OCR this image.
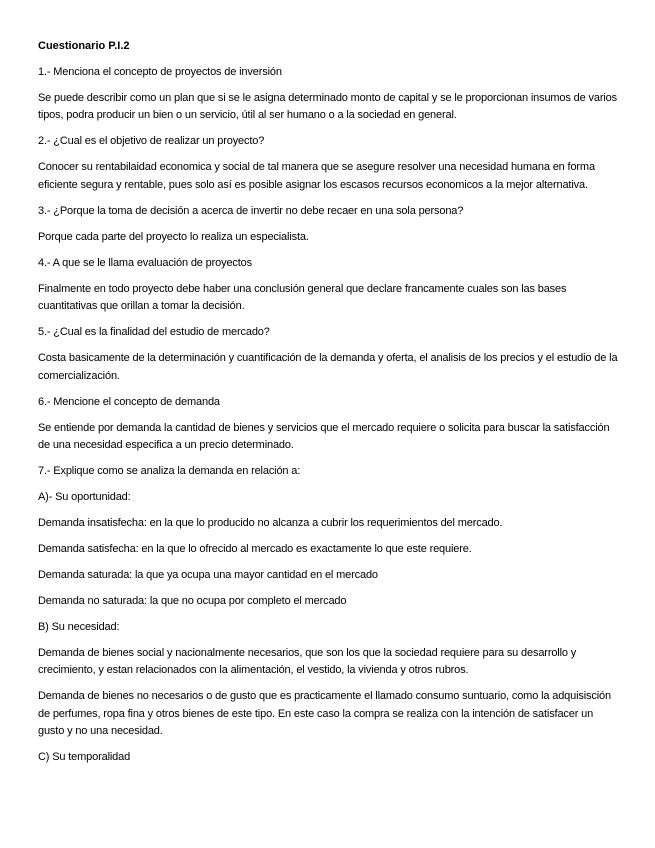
Cuestionario P.I.2
1.- Menciona el concepto de proyectos de inversión
Se puede describir como un plan que si se le asigna determinado monto de capital y se le proporcionan insumos de varios tipos, podra producir un bien o un servicio, útil al ser humano o a la sociedad en general.
2.- ¿Cual es el objetivo de realizar un proyecto?
Conocer su rentabilaidad economica y social de tal manera que se asegure resolver una necesidad humana en forma eficiente segura y rentable, pues solo así es posible asignar los escasos recursos economicos a la mejor alternativa.
3.- ¿Porque la toma de decisión a acerca de invertir no debe recaer en una sola persona?
Porque cada parte del proyecto lo realiza un especialista.
4.- A que se le llama evaluación de proyectos
Finalmente en todo proyecto debe haber una conclusión general que declare francamente cuales son las bases cuantitativas que orillan a tomar la decisión.
5.- ¿Cual es la finalidad del estudio de mercado?
Costa basicamente de la determinación y cuantificación de la demanda y oferta, el analisis de los precios y el estudio de la comercialización.
6.- Mencione el concepto de demanda
Se entiende por demanda la cantidad de bienes y servicios que el mercado requiere o solicita para buscar la satisfacción de una necesidad especifica a un precio determinado.
7.- Explique como se analiza la demanda en relación a:
A)- Su oportunidad:
Demanda insatisfecha: en la que lo producido no alcanza a cubrir los requerimientos del mercado.
Demanda satisfecha: en la que lo ofrecido al mercado es exactamente lo que este requiere.
Demanda saturada: la que ya ocupa una mayor cantidad en el mercado
Demanda no saturada: la que no ocupa por completo el mercado
B) Su necesidad:
Demanda de bienes social y nacionalmente necesarios, que son los que la sociedad requiere para su desarrollo y crecimiento, y estan relacionados con la alimentación, el vestido, la vivienda y otros rubros.
Demanda de bienes no necesarios o de gusto que es practicamente el llamado consumo suntuario, como la adquisisción de perfumes, ropa fina y otros bienes de este tipo. En este caso la compra se realiza con la intención de satisfacer un gusto y no una necesidad.
C) Su temporalidad
